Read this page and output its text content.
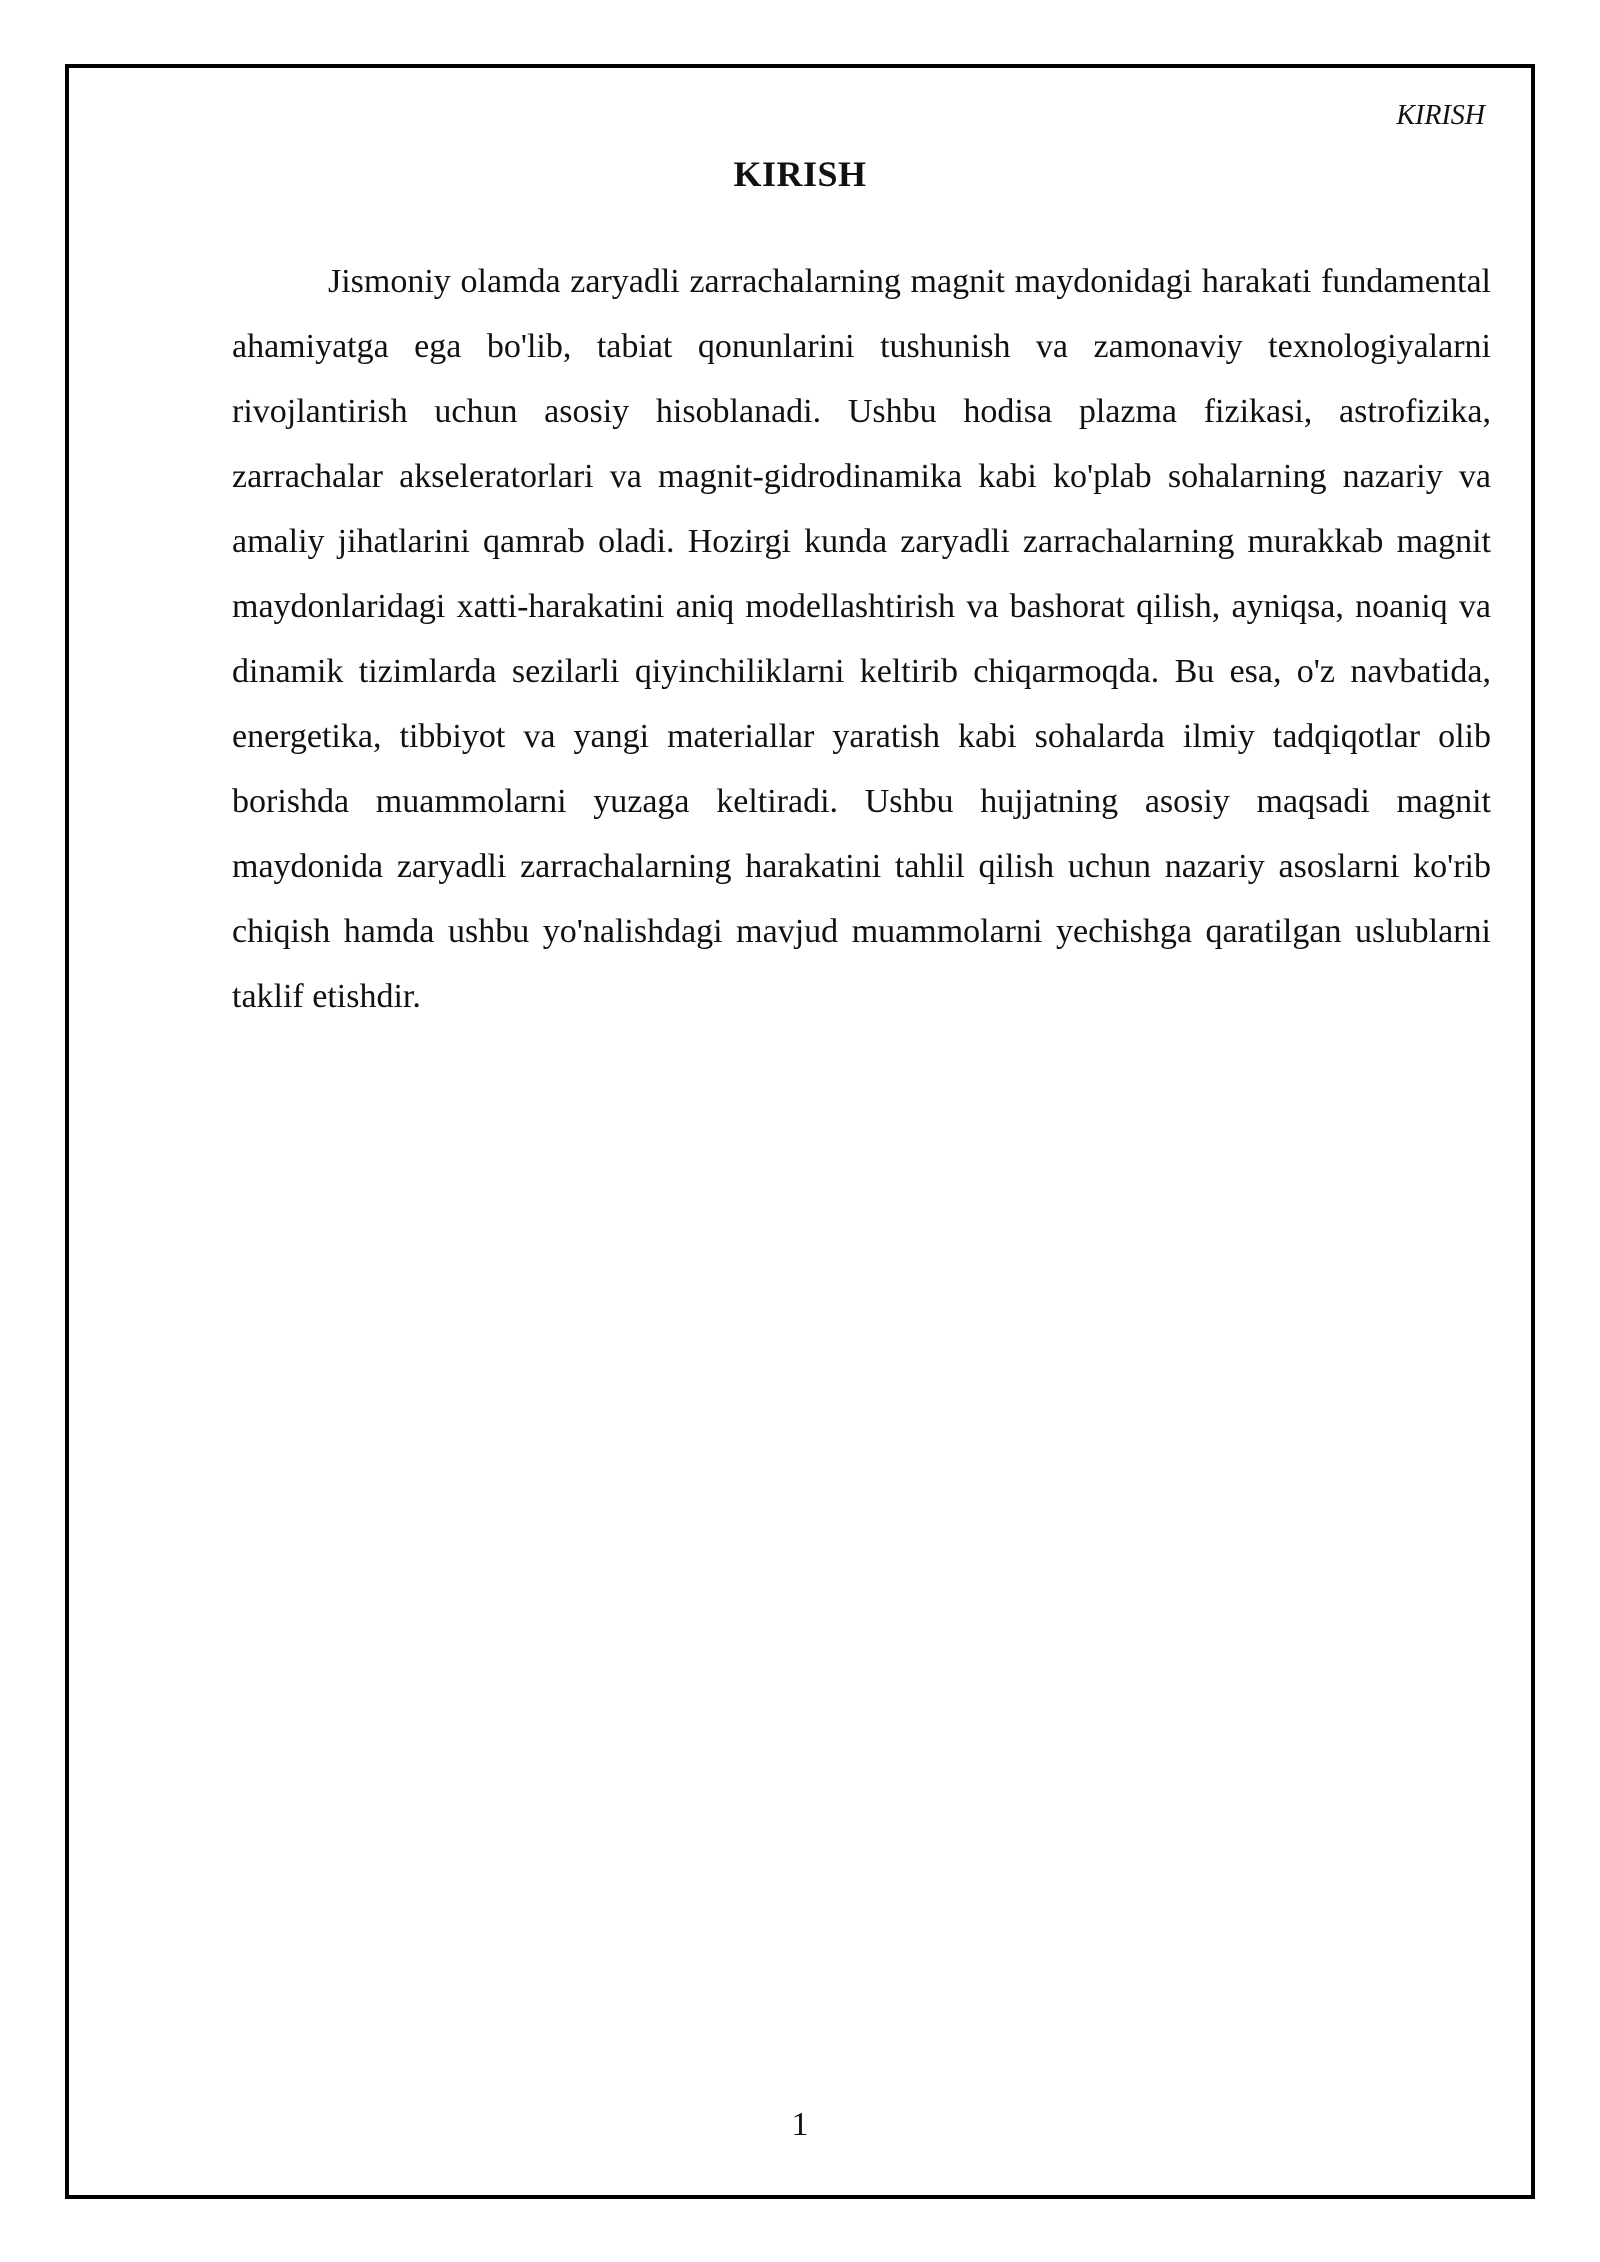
KIRISH
KIRISH

Jismoniy olamda zaryadli zarrachalarning magnit maydonidagi harakati fundamental ahamiyatga ega bo'lib, tabiat qonunlarini tushunish va zamonaviy texnologiyalarni rivojlantirish uchun asosiy hisoblanadi. Ushbu hodisa plazma fizikasi, astrofizika, zarrachalar akseleratorlari va magnit-gidrodinamika kabi ko'plab sohalarning nazariy va amaliy jihatlarini qamrab oladi. Hozirgi kunda zaryadli zarrachalarning murakkab magnit maydonlaridagi xatti-harakatini aniq modellashtirish va bashorat qilish, ayniqsa, noaniq va dinamik tizimlarda sezilarli qiyinchiliklarni keltirib chiqarmoqda. Bu esa, o'z navbatida, energetika, tibbiyot va yangi materiallar yaratish kabi sohalarda ilmiy tadqiqotlar olib borishda muammolarni yuzaga keltiradi. Ushbu hujjatning asosiy maqsadi magnit maydonida zaryadli zarrachalarning harakatini tahlil qilish uchun nazariy asoslarni ko'rib chiqish hamda ushbu yo'nalishdagi mavjud muammolarni yechishga qaratilgan uslublarni taklif etishdir.

1
